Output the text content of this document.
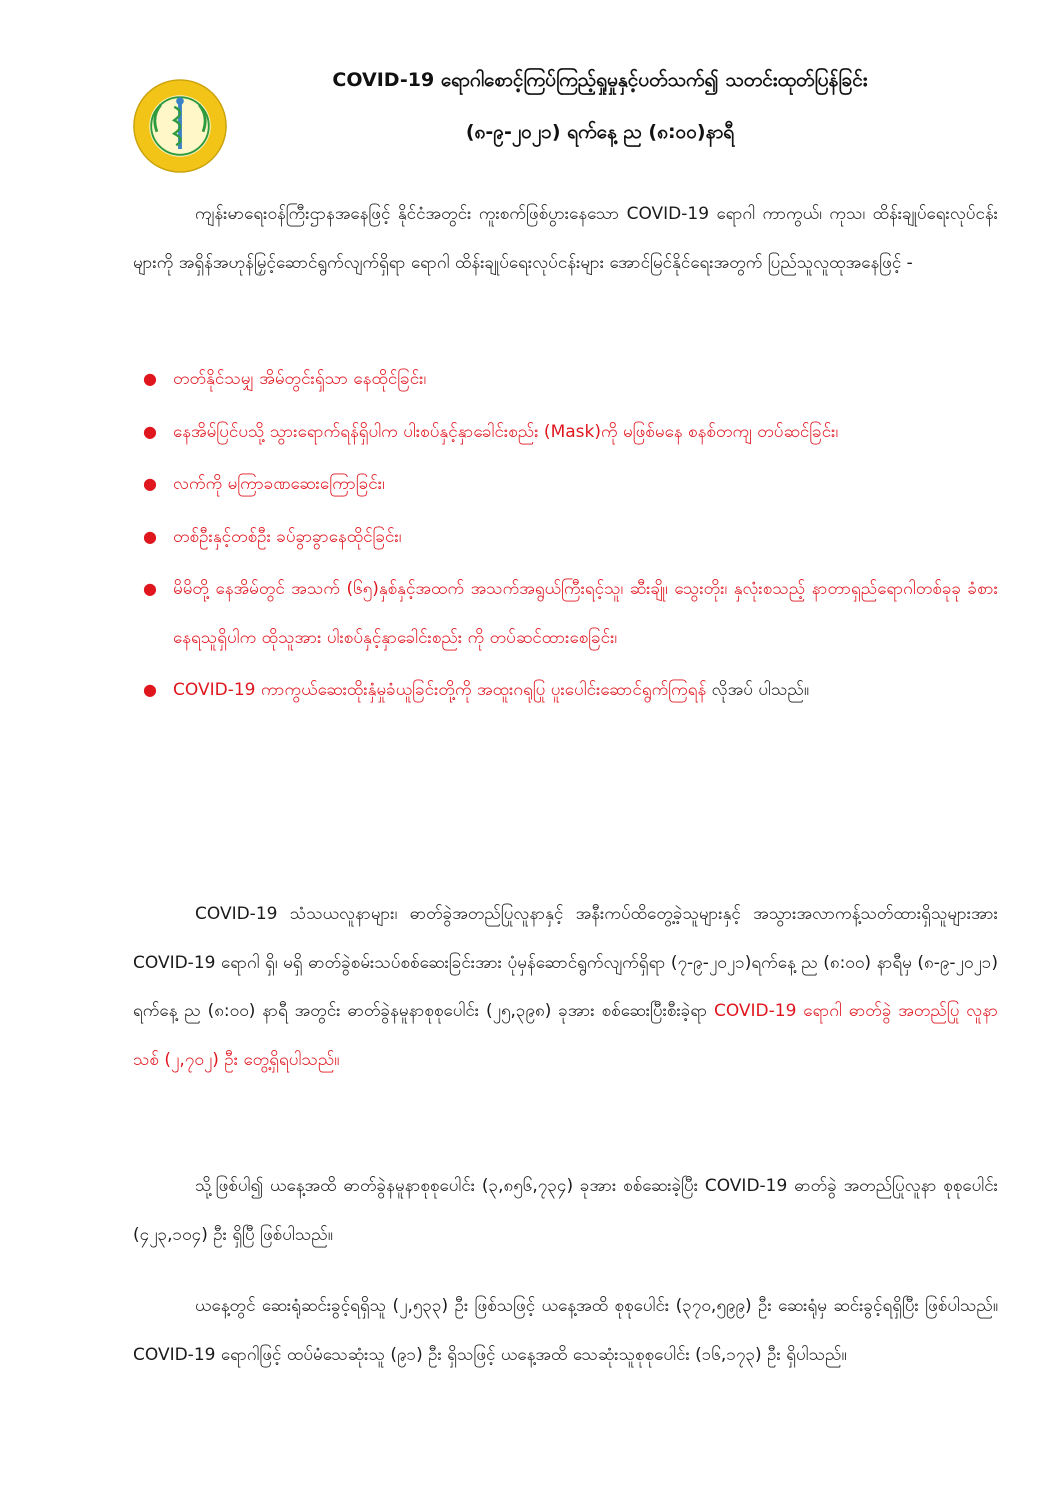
COVID-19 ရောဂါစောင့်ကြပ်ကြည့်ရှုမှုနှင့်ပတ်သက်၍ သတင်းထုတ်ပြန်ခြင်း
(၈-၉-၂၀၂၁) ရက်နေ့ ည (၈:၀၀)နာရီ

ကျန်းမာရေးဝန်ကြီးဌာနအနေဖြင့် နိုင်ငံအတွင်း ကူးစက်ဖြစ်ပွားနေသော COVID-19 ရောဂါ ကာကွယ်၊ ကုသ၊ ထိန်းချုပ်ရေးလုပ်ငန်းများကို အရှိန်အဟုန်မြှင့်ဆောင်ရွက်လျက်ရှိရာ ရောဂါ ထိန်းချုပ်ရေးလုပ်ငန်းများ အောင်မြင်နိုင်ရေးအတွက် ပြည်သူလူထုအနေဖြင့် -

● တတ်နိုင်သမျှ အိမ်တွင်းၡ်သာ နေထိုင်ခြင်း၊
● နေအိမ်ပြင်ပသို့ သွားရောက်ရန်ရှိပါက ပါးစပ်နှင့်နှာခေါင်းစည်း (Mask)ကို မဖြစ်မနေ စနစ်တကျ တပ်ဆင်ခြင်း၊
● လက်ကို မကြာခဏဆေးကြောခြင်း၊
● တစ်ဦးနှင့်တစ်ဦး ခပ်ခွာခွာနေထိုင်ခြင်း၊
● မိမိတို့ နေအိမ်တွင် အသက် (၆၅)နှစ်နှင့်အထက် အသက်အရွယ်ကြီးရင့်သူ၊ ဆီးချို၊ သွေးတိုး၊ နှလုံးစသည့် နာတာရှည်ရောဂါတစ်ခုခု ခံစားနေရသူရှိပါက ထိုသူအား ပါးစပ်နှင့်နှာခေါင်းစည်း ကို တပ်ဆင်ထားစေခြင်း၊
● COVID-19 ကာကွယ်ဆေးထိုးနှံမှုခံယူခြင်းတို့ကို အထူးဂရုပြု ပူးပေါင်းဆောင်ရွက်ကြရန် လိုအပ် ပါသည်။

COVID-19 သံသယလူနာများ၊ ဓာတ်ခွဲအတည်ပြုလူနာနှင့် အနီးကပ်ထိတွေ့ခဲ့သူများနှင့် အသွားအလာကန့်သတ်ထားရှိသူများအား COVID-19 ရောဂါ ရှိ၊ မရှိ ဓာတ်ခွဲစမ်းသပ်စစ်ဆေးခြင်းအား ပုံမှန်ဆောင်ရွက်လျက်ရှိရာ (၇-၉-၂၀၂၁)ရက်နေ့ ည (၈:၀၀) နာရီမှ (၈-၉-၂၀၂၁) ရက်နေ့ ည (၈:၀၀) နာရီ အတွင်း ဓာတ်ခွဲနမူနာစုစုပေါင်း (၂၅,၃၉၈) ခုအား စစ်ဆေးပြီးစီးခဲ့ရာ COVID-19 ရောဂါ ဓာတ်ခွဲ အတည်ပြု လူနာသစ် (၂,၇၀၂) ဦး တွေ့ရှိရပါသည်။

သို့ဖြစ်ပါ၍ ယနေ့အထိ ဓာတ်ခွဲနမူနာစုစုပေါင်း (၃,၈၅၆,၇၃၄) ခုအား စစ်ဆေးခဲ့ပြီး COVID-19 ဓာတ်ခွဲ အတည်ပြုလူနာ စုစုပေါင်း (၄၂၃,၁၀၄) ဦး ရှိပြီ ဖြစ်ပါသည်။

ယနေ့တွင် ဆေးရုံဆင်းခွင့်ရရှိသူ (၂,၅၃၃) ဦး ဖြစ်သဖြင့် ယနေ့အထိ စုစုပေါင်း (၃၇၀,၅၉၉) ဦး ဆေးရုံမှ ဆင်းခွင့်ရရှိပြီး ဖြစ်ပါသည်။ COVID-19 ရောဂါဖြင့် ထပ်မံသေဆုံးသူ (၉၁) ဦး ရှိသဖြင့် ယနေ့အထိ သေဆုံးသူစုစုပေါင်း (၁၆,၁၇၃) ဦး ရှိပါသည်။
